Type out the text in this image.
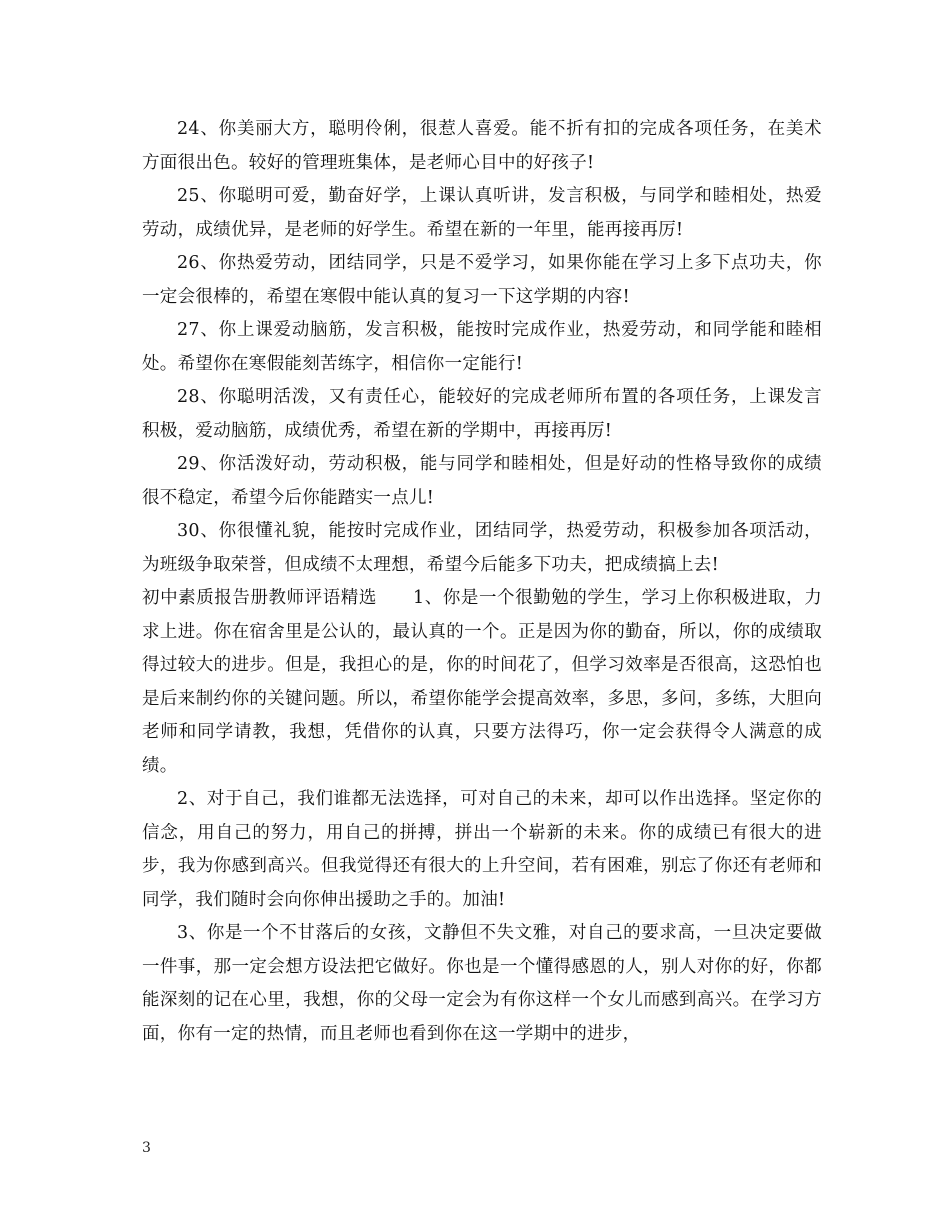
24、你美丽大方，聪明伶俐，很惹人喜爱。能不折有扣的完成各项任务，在美术方面很出色。较好的管理班集体，是老师心目中的好孩子!

25、你聪明可爱，勤奋好学，上课认真听讲，发言积极，与同学和睦相处，热爱劳动，成绩优异，是老师的好学生。希望在新的一年里，能再接再厉!

26、你热爱劳动，团结同学，只是不爱学习，如果你能在学习上多下点功夫，你一定会很棒的，希望在寒假中能认真的复习一下这学期的内容!

27、你上课爱动脑筋，发言积极，能按时完成作业，热爱劳动，和同学能和睦相处。希望你在寒假能刻苦练字，相信你一定能行!

28、你聪明活泼，又有责任心，能较好的完成老师所布置的各项任务，上课发言积极，爱动脑筋，成绩优秀，希望在新的学期中，再接再厉!

29、你活泼好动，劳动积极，能与同学和睦相处，但是好动的性格导致你的成绩很不稳定，希望今后你能踏实一点儿!

30、你很懂礼貌，能按时完成作业，团结同学，热爱劳动，积极参加各项活动，为班级争取荣誉，但成绩不太理想，希望今后能多下功夫，把成绩搞上去!

初中素质报告册教师评语精选　　1、你是一个很勤勉的学生，学习上你积极进取，力求上进。你在宿舍里是公认的，最认真的一个。正是因为你的勤奋，所以，你的成绩取得过较大的进步。但是，我担心的是，你的时间花了，但学习效率是否很高，这恐怕也是后来制约你的关键问题。所以，希望你能学会提高效率，多思，多问，多练，大胆向老师和同学请教，我想，凭借你的认真，只要方法得巧，你一定会获得令人满意的成绩。

2、对于自己，我们谁都无法选择，可对自己的未来，却可以作出选择。坚定你的信念，用自己的努力，用自己的拼搏，拼出一个崭新的未来。你的成绩已有很大的进步，我为你感到高兴。但我觉得还有很大的上升空间，若有困难，别忘了你还有老师和同学，我们随时会向你伸出援助之手的。加油!

3、你是一个不甘落后的女孩，文静但不失文雅，对自己的要求高，一旦决定要做一件事，那一定会想方设法把它做好。你也是一个懂得感恩的人，别人对你的好，你都能深刻的记在心里，我想，你的父母一定会为有你这样一个女儿而感到高兴。在学习方面，你有一定的热情，而且老师也看到你在这一学期中的进步，

3
